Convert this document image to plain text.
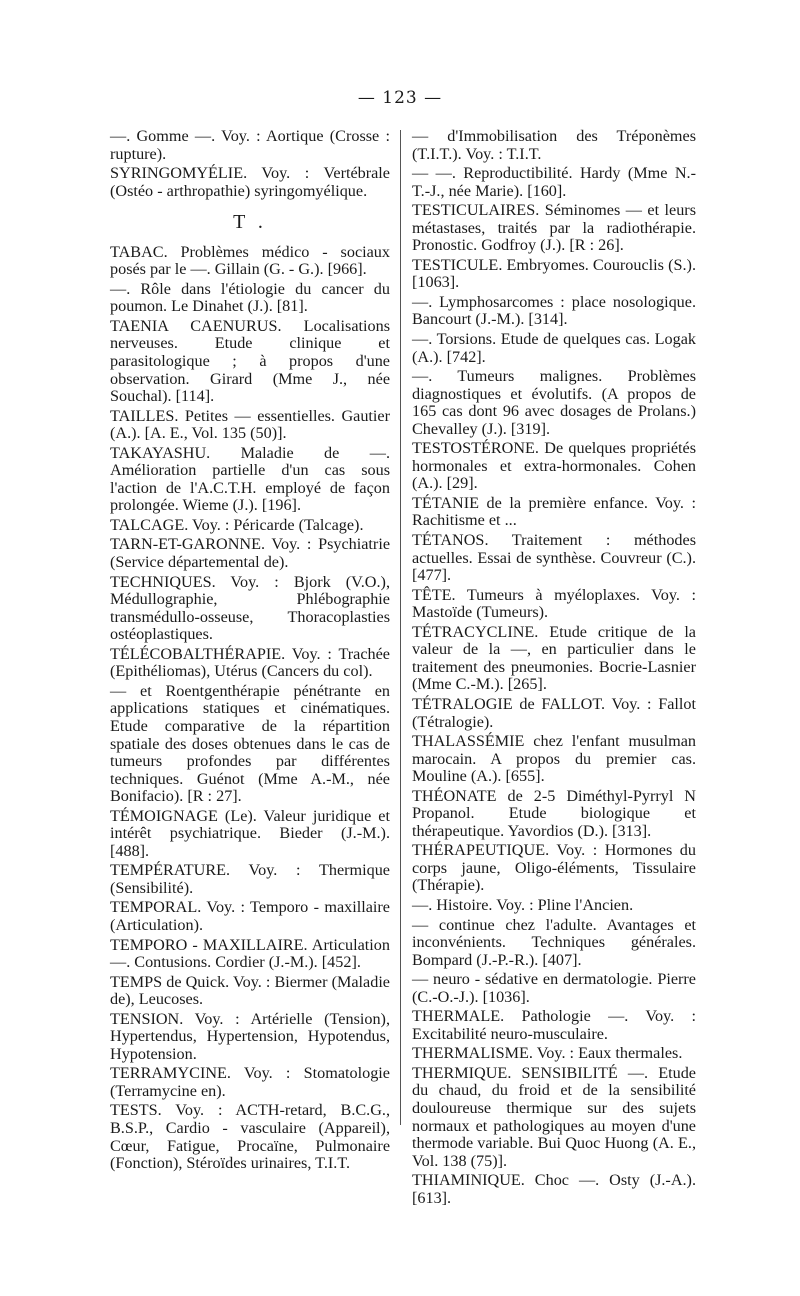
— 123 —

—. Gomme —. Voy. : Aortique (Crosse : rupture).

SYRINGOMYÉLIE. Voy. : Vertébrale (Ostéo - arthropathie) syringomyélique.

T .

TABAC. Problèmes médico - sociaux posés par le —. Gillain (G. - G.). [966].

—. Rôle dans l'étiologie du cancer du poumon. Le Dinahet (J.). [81].

TAENIA CAENURUS. Localisations nerveuses. Etude clinique et parasitologique ; à propos d'une observation. Girard (Mme J., née Souchal). [114].

TAILLES. Petites — essentielles. Gautier (A.). [A. E., Vol. 135 (50)].

TAKAYASHU. Maladie de —. Amélioration partielle d'un cas sous l'action de l'A.C.T.H. employé de façon prolongée. Wieme (J.). [196].

TALCAGE. Voy. : Péricarde (Talcage).

TARN-ET-GARONNE. Voy. : Psychiatrie (Service départemental de).

TECHNIQUES. Voy. : Bjork (V.O.), Médullographie, Phlébographie transmédullo-osseuse, Thoracoplasties ostéoplastiques.

TÉLÉCOBALTHÉRAPIE. Voy. : Trachée (Epithéliomas), Utérus (Cancers du col).

— et Roentgenthérapie pénétrante en applications statiques et cinématiques. Etude comparative de la répartition spatiale des doses obtenues dans le cas de tumeurs profondes par différentes techniques. Guénot (Mme A.-M., née Bonifacio). [R : 27].

TÉMOIGNAGE (Le). Valeur juridique et intérêt psychiatrique. Bieder (J.-M.). [488].

TEMPÉRATURE. Voy. : Thermique (Sensibilité).

TEMPORAL. Voy. : Temporo - maxillaire (Articulation).

TEMPORO - MAXILLAIRE. Articulation —. Contusions. Cordier (J.-M.). [452].

TEMPS de Quick. Voy. : Biermer (Maladie de), Leucoses.

TENSION. Voy. : Artérielle (Tension), Hypertendus, Hypertension, Hypotendus, Hypotension.

TERRAMYCINE. Voy. : Stomatologie (Terramycine en).

TESTS. Voy. : ACTH-retard, B.C.G., B.S.P., Cardio - vasculaire (Appareil), Cœur, Fatigue, Procaïne, Pulmonaire (Fonction), Stéroïdes urinaires, T.I.T.

— d'Immobilisation des Tréponèmes (T.I.T.). Voy. : T.I.T.

— —. Reproductibilité. Hardy (Mme N.-T.-J., née Marie). [160].

TESTICULAIRES. Séminomes — et leurs métastases, traités par la radiothérapie. Pronostic. Godfroy (J.). [R : 26].

TESTICULE. Embryomes. Courouclis (S.). [1063].

—. Lymphosarcomes : place nosologique. Bancourt (J.-M.). [314].

—. Torsions. Etude de quelques cas. Logak (A.). [742].

—. Tumeurs malignes. Problèmes diagnostiques et évolutifs. (A propos de 165 cas dont 96 avec dosages de Prolans.) Chevalley (J.). [319].

TESTOSTÉRONE. De quelques propriétés hormonales et extra-hormonales. Cohen (A.). [29].

TÉTANIE de la première enfance. Voy. : Rachitisme et ...

TÉTANOS. Traitement : méthodes actuelles. Essai de synthèse. Couvreur (C.). [477].

TÊTE. Tumeurs à myéloplaxes. Voy. : Mastoïde (Tumeurs).

TÉTRACYCLINE. Etude critique de la valeur de la —, en particulier dans le traitement des pneumonies. Bocrie-Lasnier (Mme C.-M.). [265].

TÉTRALOGIE de FALLOT. Voy. : Fallot (Tétralogie).

THALASSÉMIE chez l'enfant musulman marocain. A propos du premier cas. Mouline (A.). [655].

THÉONATE de 2-5 Diméthyl-Pyrryl N Propanol. Etude biologique et thérapeutique. Yavordios (D.). [313].

THÉRAPEUTIQUE. Voy. : Hormones du corps jaune, Oligo-éléments, Tissulaire (Thérapie).

—. Histoire. Voy. : Pline l'Ancien.

— continue chez l'adulte. Avantages et inconvénients. Techniques générales. Bompard (J.-P.-R.). [407].

— neuro - sédative en dermatologie. Pierre (C.-O.-J.). [1036].

THERMALE. Pathologie —. Voy. : Excitabilité neuro-musculaire.

THERMALISME. Voy. : Eaux thermales.

THERMIQUE. SENSIBILITÉ —. Etude du chaud, du froid et de la sensibilité douloureuse thermique sur des sujets normaux et pathologiques au moyen d'une thermode variable. Bui Quoc Huong (A. E., Vol. 138 (75)].

THIAMINIQUE. Choc —. Osty (J.-A.). [613].
